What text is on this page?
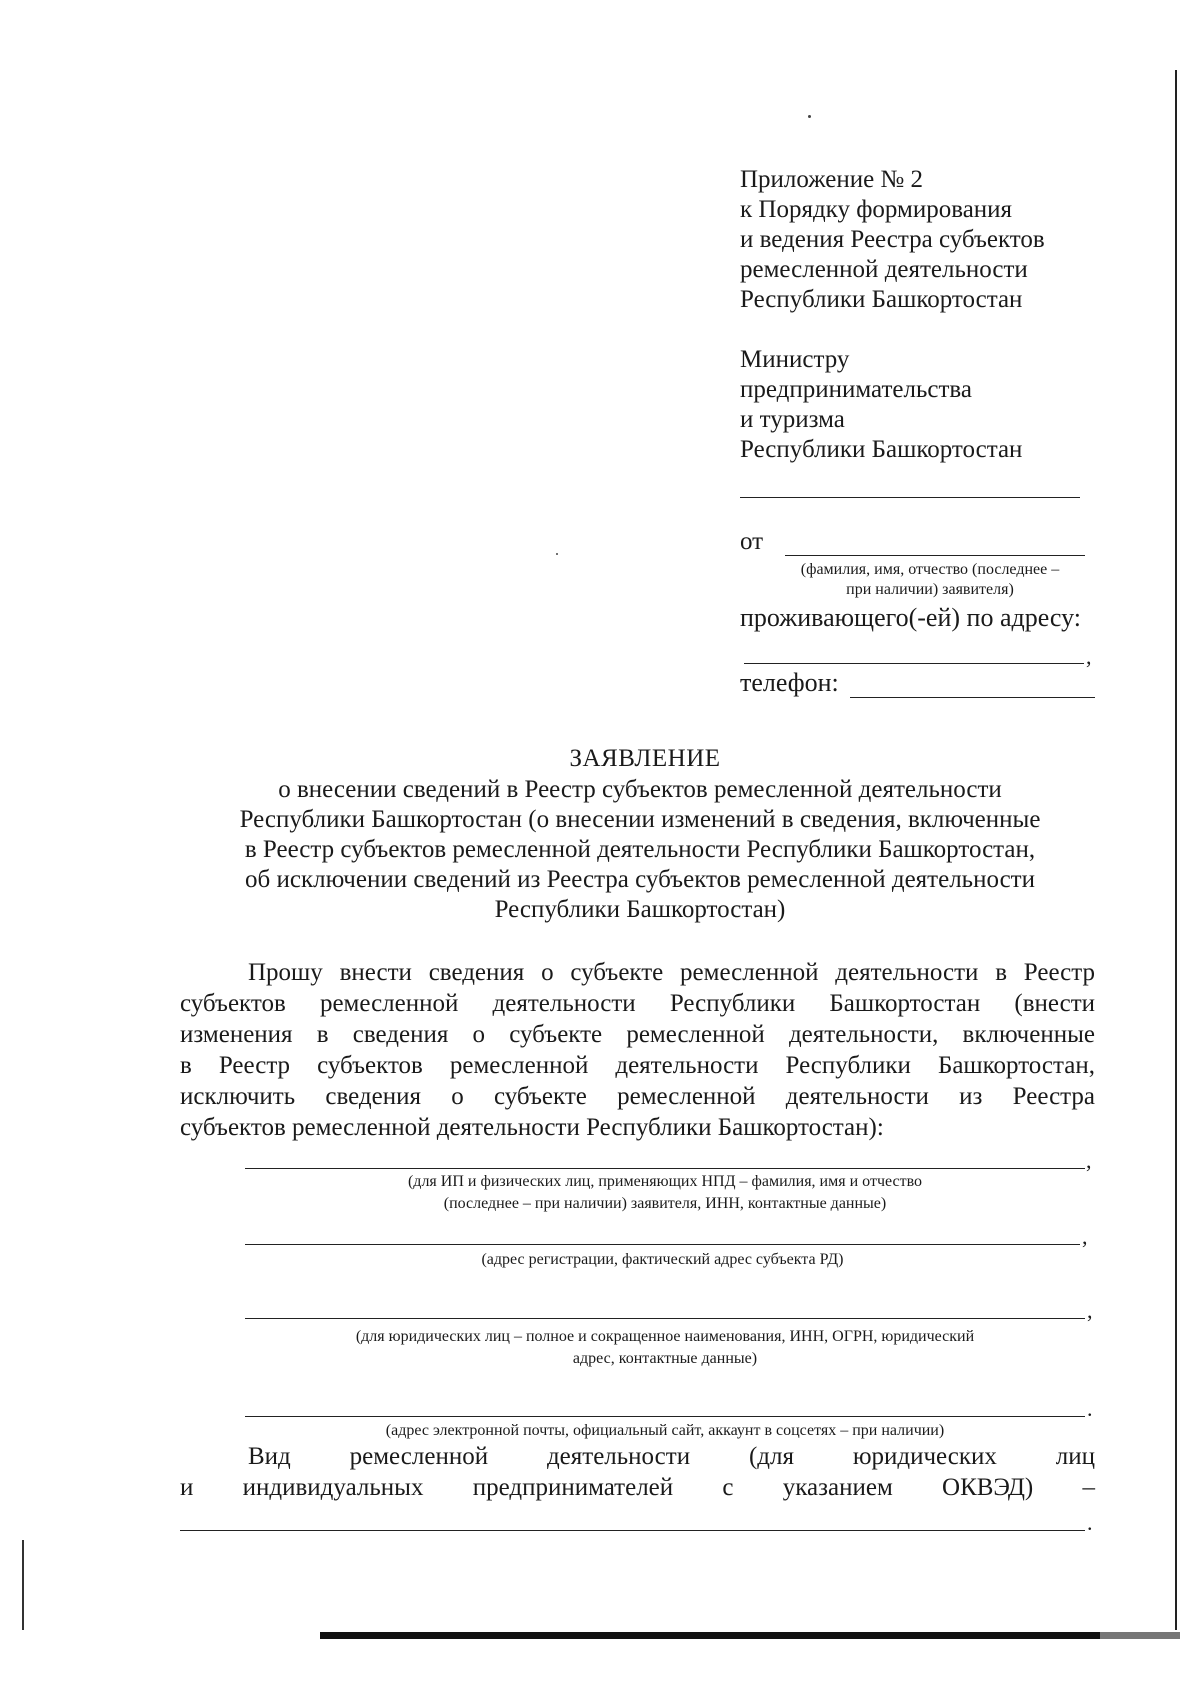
Приложение № 2
к Порядку формирования
и ведения Реестра субъектов
ремесленной деятельности
Республики Башкортостан
Министру
предпринимательства
и туризма
Республики Башкортостан
от
(фамилия, имя, отчество (последнее –
при наличии) заявителя)
проживающего(-ей) по адресу:
,
телефон:
ЗАЯВЛЕНИЕ
о внесении сведений в Реестр субъектов ремесленной деятельности
Республики Башкортостан (о внесении изменений в сведения, включенные
в Реестр субъектов ремесленной деятельности Республики Башкортостан,
об исключении сведений из Реестра субъектов ремесленной деятельности
Республики Башкортостан)
Прошу внести сведения о субъекте ремесленной деятельности в Реестр
субъектов ремесленной деятельности Республики Башкортостан (внести
изменения в сведения о субъекте ремесленной деятельности, включенные
в Реестр субъектов ремесленной деятельности Республики Башкортостан,
исключить сведения о субъекте ремесленной деятельности из Реестра
субъектов ремесленной деятельности Республики Башкортостан):
,
(для ИП и физических лиц, применяющих НПД – фамилия, имя и отчество
(последнее – при наличии) заявителя, ИНН, контактные данные)
,
(адрес регистрации, фактический адрес субъекта РД)
,
(для юридических лиц – полное и сокращенное наименования, ИНН, ОГРН, юридический
адрес, контактные данные)
.
(адрес электронной почты, официальный сайт, аккаунт в соцсетях – при наличии)
Вид ремесленной деятельности (для юридических лиц
и индивидуальных предпринимателей с указанием ОКВЭД) –
.
